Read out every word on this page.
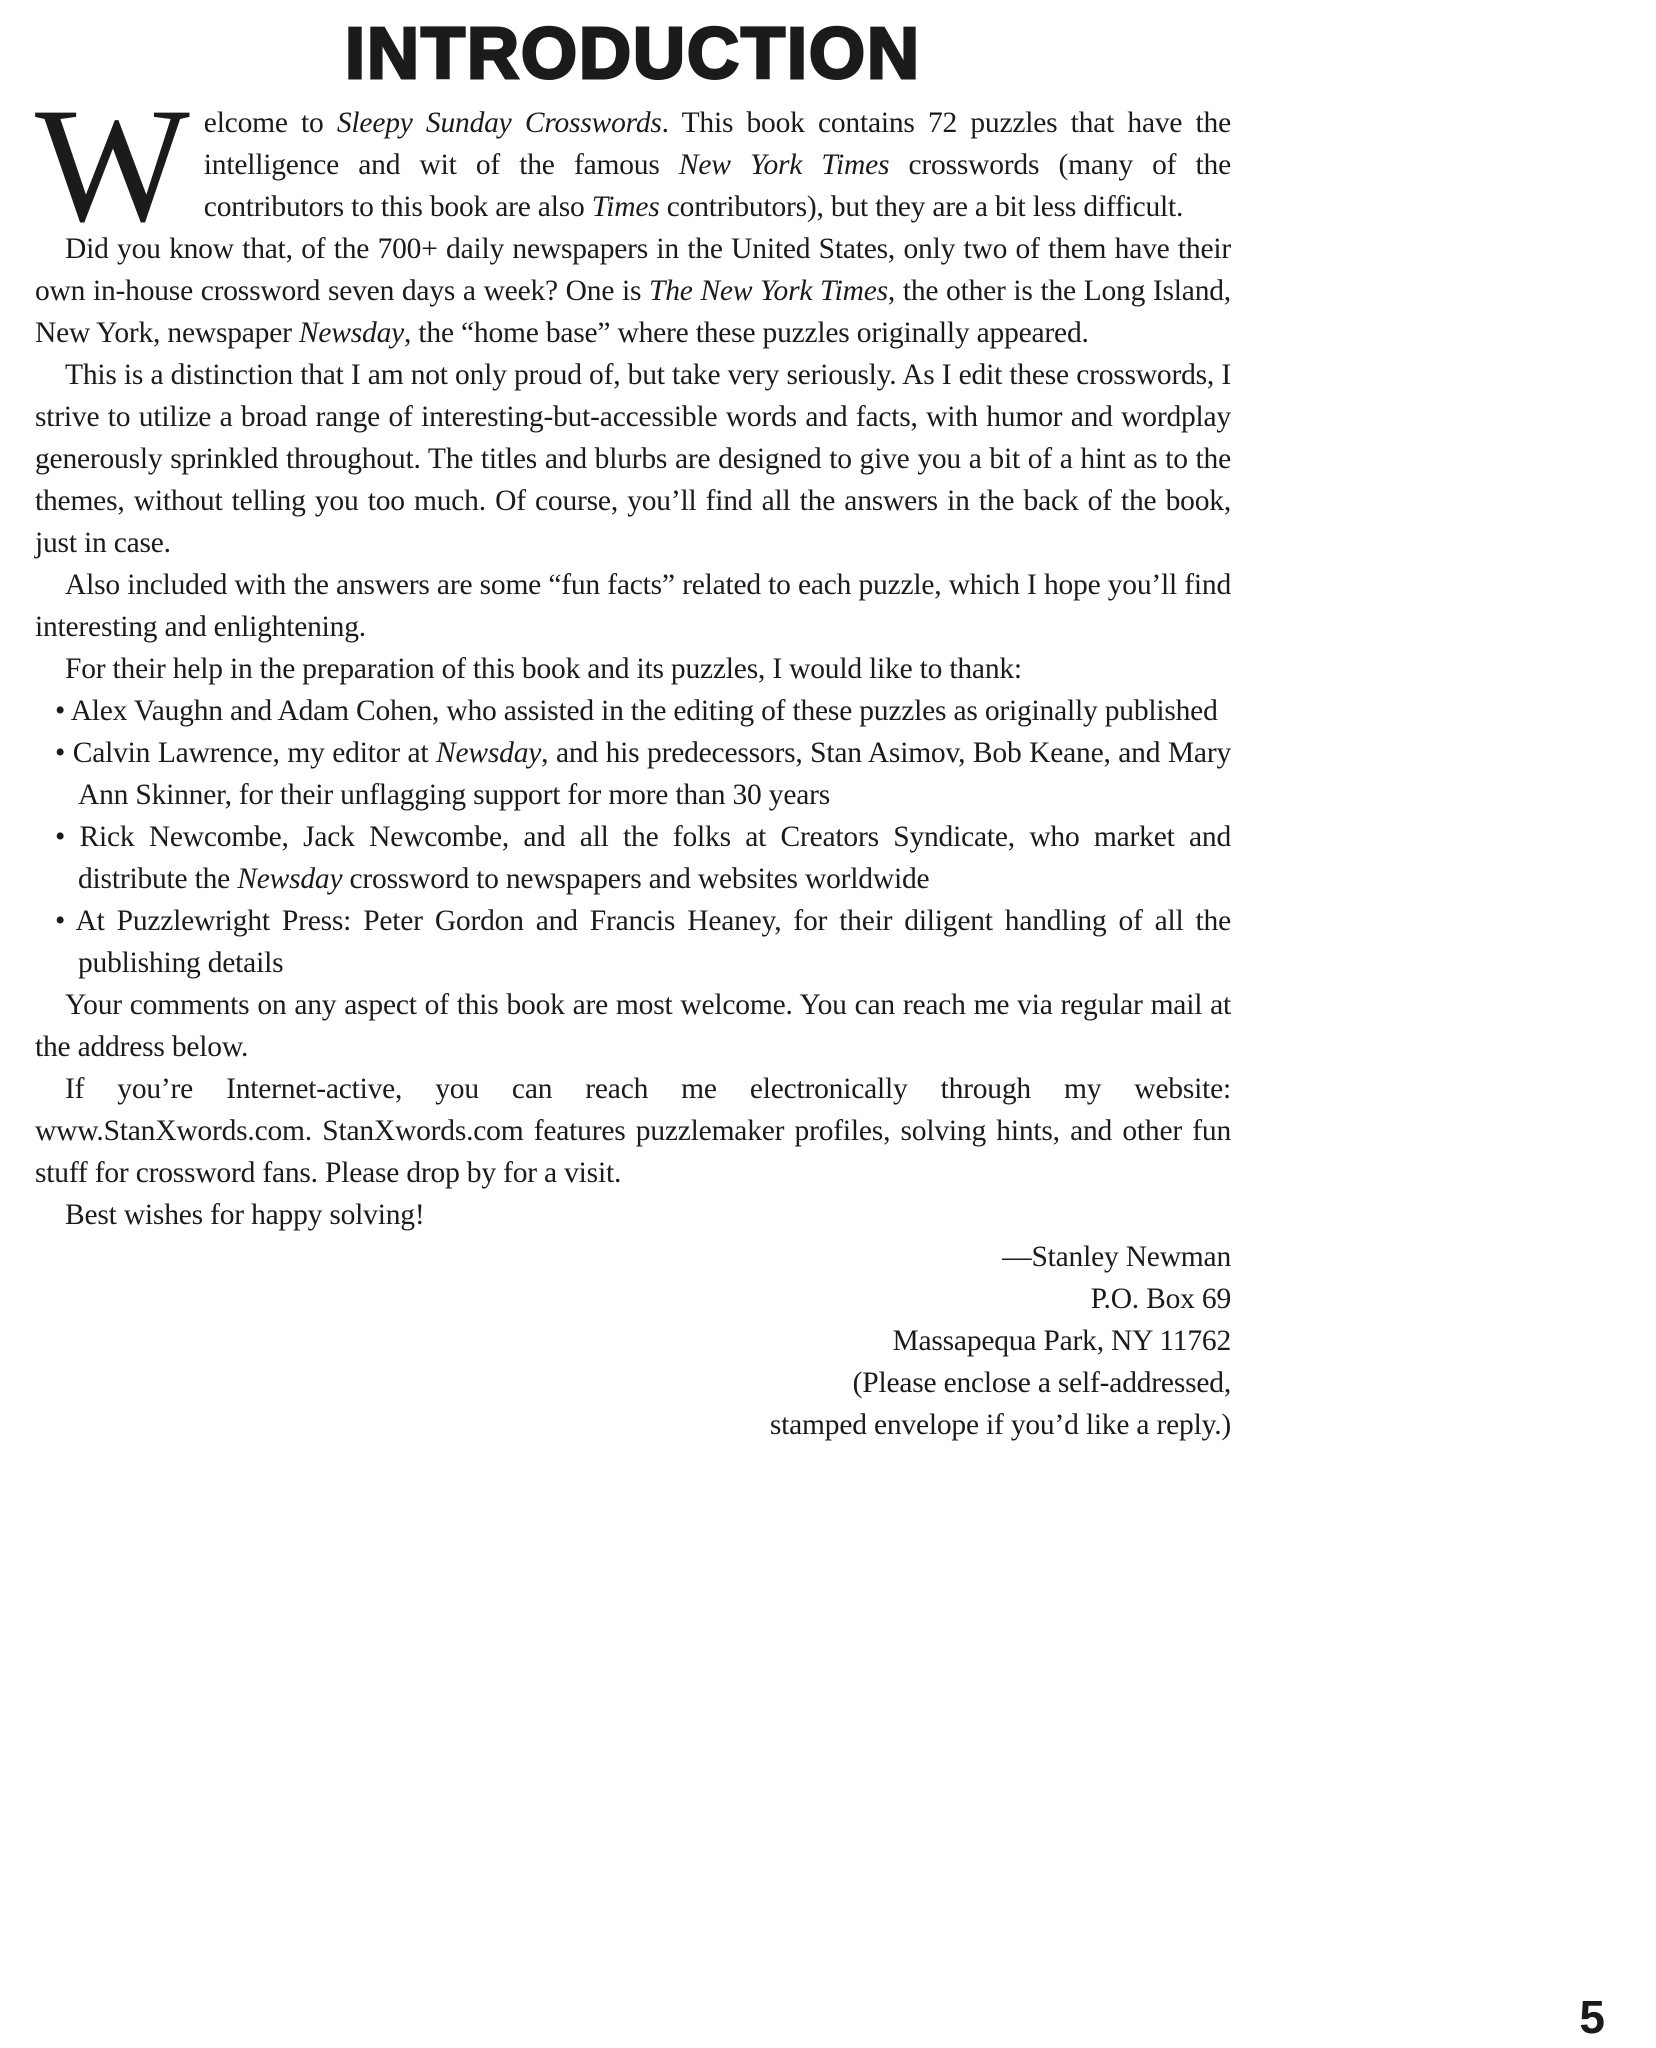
INTRODUCTION

Welcome to Sleepy Sunday Crosswords. This book contains 72 puzzles that have the intelligence and wit of the famous New York Times crosswords (many of the contributors to this book are also Times contributors), but they are a bit less difficult.

Did you know that, of the 700+ daily newspapers in the United States, only two of them have their own in-house crossword seven days a week? One is The New York Times, the other is the Long Island, New York, newspaper Newsday, the “home base” where these puzzles originally appeared.

This is a distinction that I am not only proud of, but take very seriously. As I edit these crosswords, I strive to utilize a broad range of interesting-but-accessible words and facts, with humor and wordplay generously sprinkled throughout. The titles and blurbs are designed to give you a bit of a hint as to the themes, without telling you too much. Of course, you’ll find all the answers in the back of the book, just in case.

Also included with the answers are some “fun facts” related to each puzzle, which I hope you’ll find interesting and enlightening.

For their help in the preparation of this book and its puzzles, I would like to thank:

• Alex Vaughn and Adam Cohen, who assisted in the editing of these puzzles as originally published

• Calvin Lawrence, my editor at Newsday, and his predecessors, Stan Asimov, Bob Keane, and Mary Ann Skinner, for their unflagging support for more than 30 years

• Rick Newcombe, Jack Newcombe, and all the folks at Creators Syndicate, who market and distribute the Newsday crossword to newspapers and websites worldwide

• At Puzzlewright Press: Peter Gordon and Francis Heaney, for their diligent handling of all the publishing details

Your comments on any aspect of this book are most welcome. You can reach me via regular mail at the address below.

If you’re Internet-active, you can reach me electronically through my website: www.StanXwords.com. StanXwords.com features puzzlemaker profiles, solving hints, and other fun stuff for crossword fans. Please drop by for a visit.

Best wishes for happy solving!

—Stanley Newman
P.O. Box 69
Massapequa Park, NY 11762
(Please enclose a self-addressed,
stamped envelope if you’d like a reply.)
5
